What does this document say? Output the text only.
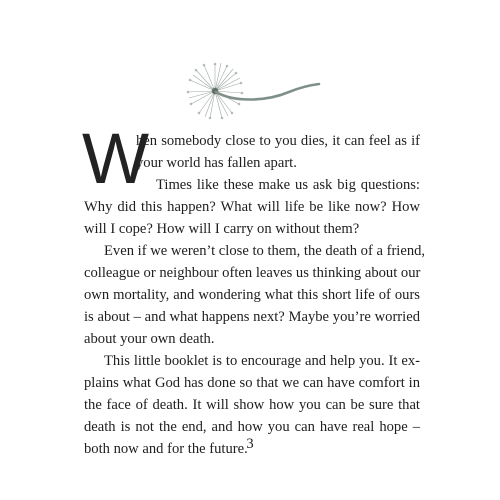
W
hen somebody close to you dies, it can feel as if
your world has fallen apart.
Times like these make us ask big questions:
Why did this happen? What will life be like now? How
will I cope? How will I carry on without them?
Even if we weren’t close to them, the death of a friend,
colleague or neighbour often leaves us thinking about our
own mortality, and wondering what this short life of ours
is about – and what happens next? Maybe you’re worried
about your own death.
This little booklet is to encourage and help you. It ex-
plains what God has done so that we can have comfort in
the face of death. It will show how you can be sure that
death is not the end, and how you can have real hope –
both now and for the future.
3
